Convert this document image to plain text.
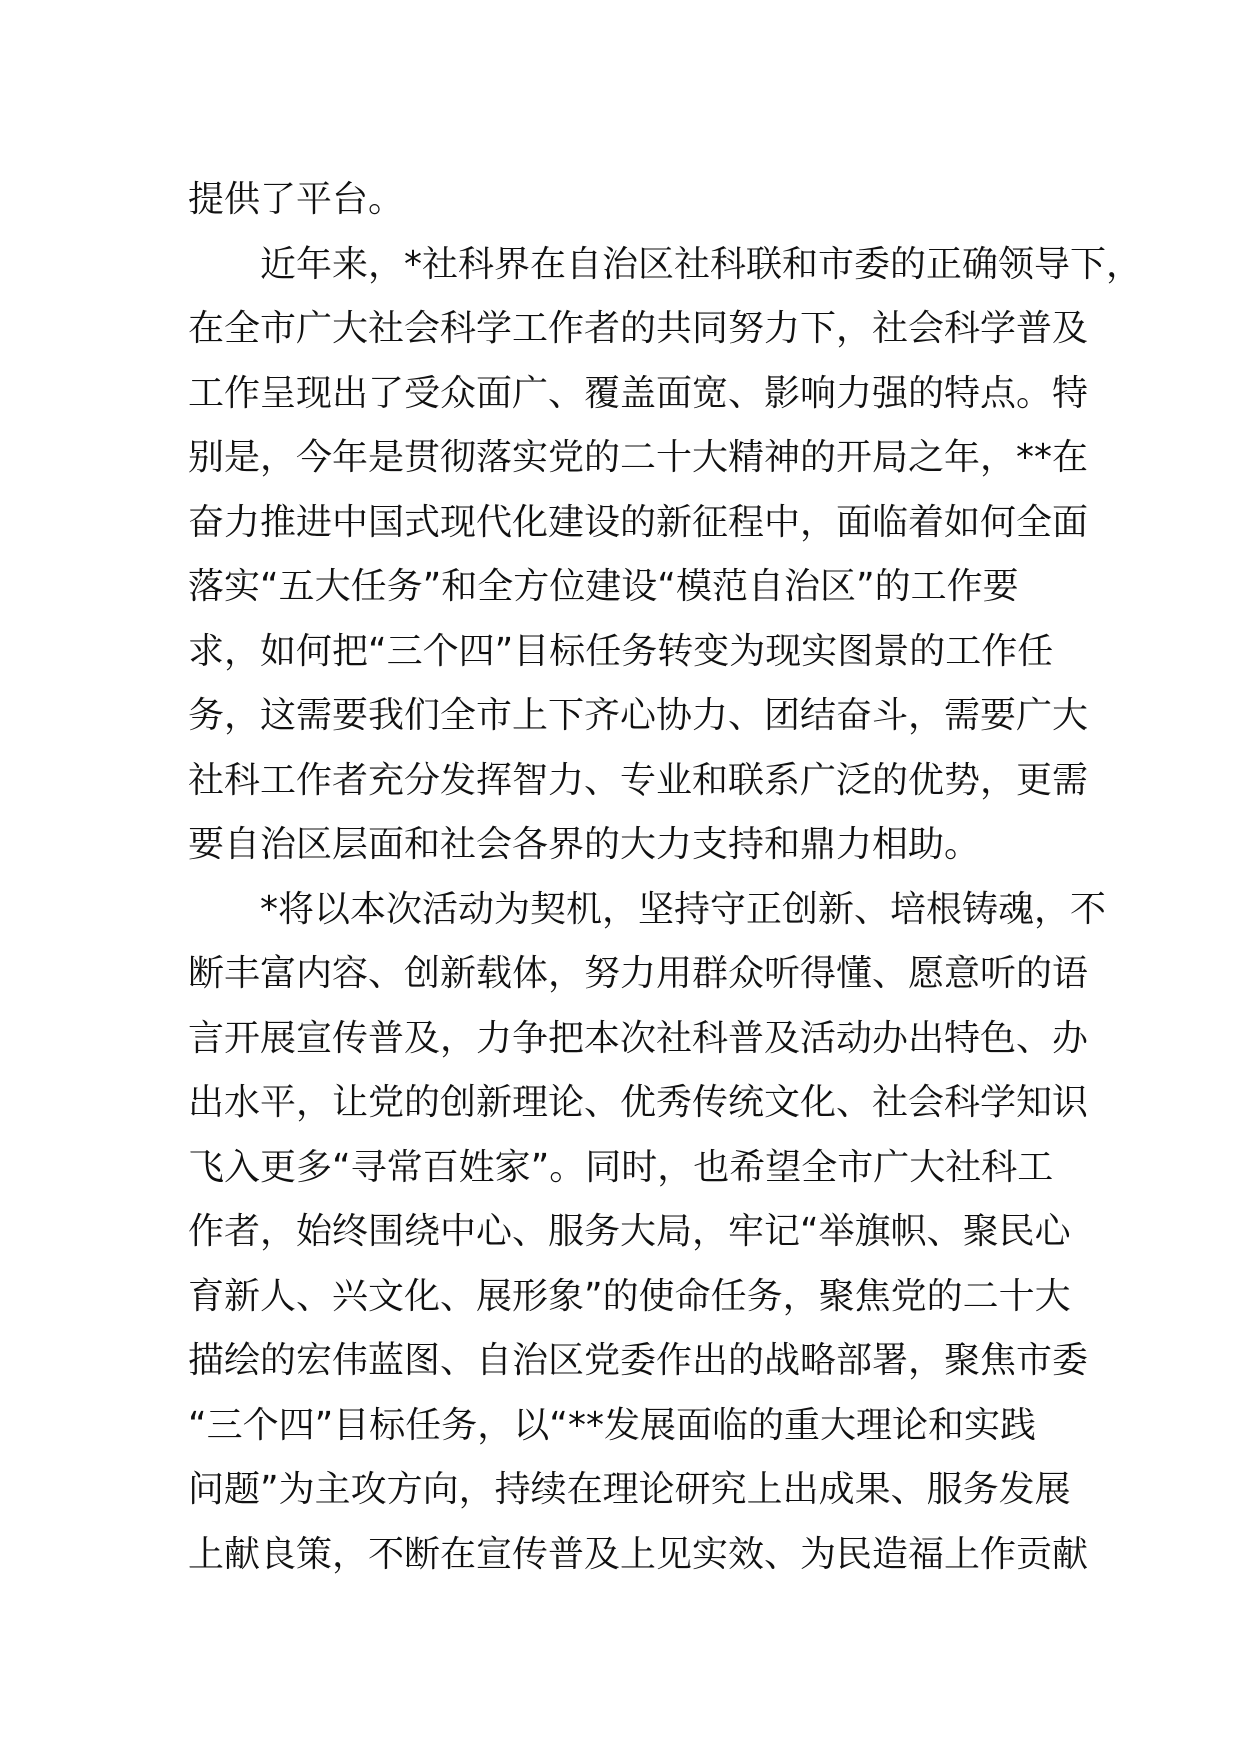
提供了平台。
近年来，*社科界在自治区社科联和市委的正确领导下，
在全市广大社会科学工作者的共同努力下，社会科学普及
工作呈现出了受众面广、覆盖面宽、影响力强的特点。特
别是，今年是贯彻落实党的二十大精神的开局之年，**在
奋力推进中国式现代化建设的新征程中，面临着如何全面
落实“五大任务”和全方位建设“模范自治区”的工作要
求，如何把“三个四”目标任务转变为现实图景的工作任
务，这需要我们全市上下齐心协力、团结奋斗，需要广大
社科工作者充分发挥智力、专业和联系广泛的优势，更需
要自治区层面和社会各界的大力支持和鼎力相助。
*将以本次活动为契机，坚持守正创新、培根铸魂，不
断丰富内容、创新载体，努力用群众听得懂、愿意听的语
言开展宣传普及，力争把本次社科普及活动办出特色、办
出水平，让党的创新理论、优秀传统文化、社会科学知识
飞入更多“寻常百姓家”。同时，也希望全市广大社科工
作者，始终围绕中心、服务大局，牢记“举旗帜、聚民心
育新人、兴文化、展形象”的使命任务，聚焦党的二十大
描绘的宏伟蓝图、自治区党委作出的战略部署，聚焦市委
“三个四”目标任务，以“**发展面临的重大理论和实践
问题”为主攻方向，持续在理论研究上出成果、服务发展
上献良策，不断在宣传普及上见实效、为民造福上作贡献
